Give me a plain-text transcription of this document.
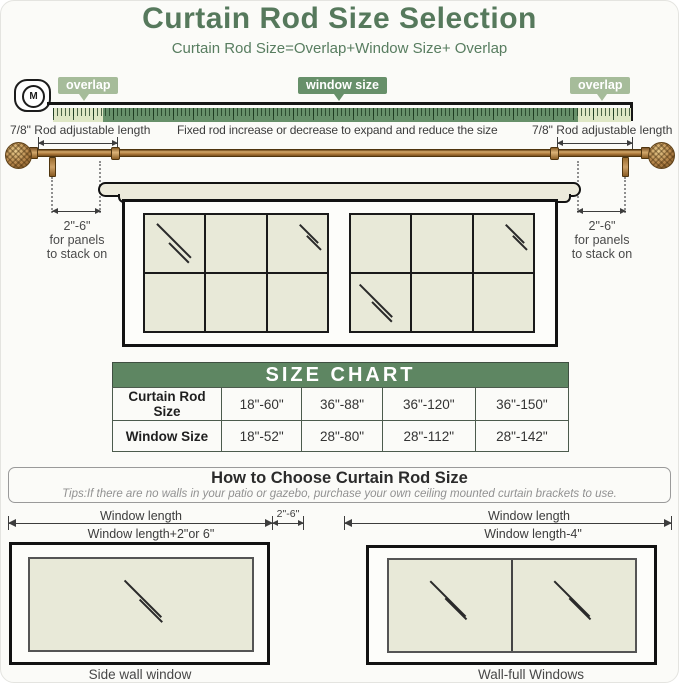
Curtain Rod Size Selection
Curtain Rod Size=Overlap+Window Size+ Overlap
M
overlap	window size	overlap
7/8" Rod adjustable length Fixed rod increase or decrease to expand and reduce the size	7/8" Rod adjustable length
2"-6"
for panels
to stack on
2"-6"
for panels
to stack on
SIZE CHART
Curtain Rod Size	18"-60"	36"-88"	36"-120"	36"-150"
Window Size	18"-52"	28"-80"	28"-112"	28"-142"
How to Choose Curtain Rod Size
Tips:If there are no walls in your patio or gazebo, purchase your own ceiling mounted curtain brackets to use.
Window length	2"-6"
Window length+2"or 6"
Side wall window
Window length
Window length-4"
Wall-full Windows
